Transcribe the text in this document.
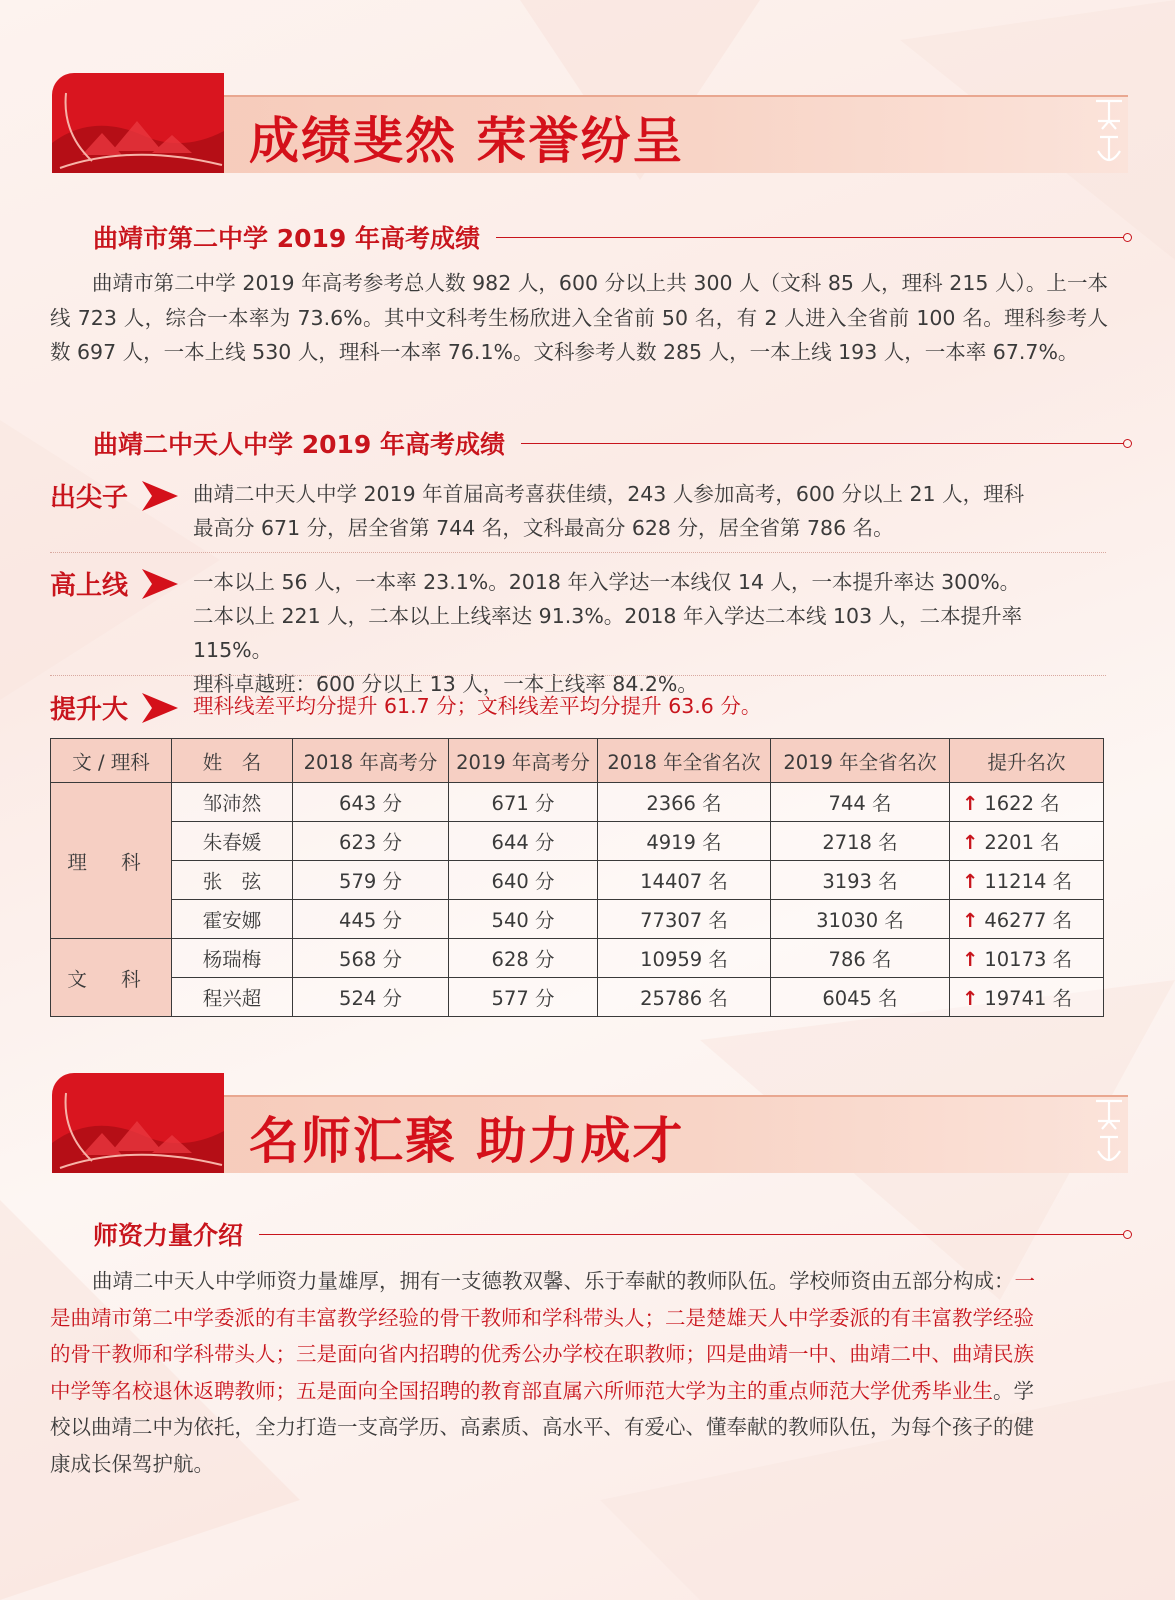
成绩斐然 荣誉纷呈
曲靖市第二中学 2019 年高考成绩
曲靖市第二中学 2019 年高考参考总人数 982 人，600 分以上共 300 人（文科 85 人，理科 215 人）。上一本线 723 人，综合一本率为 73.6%。其中文科考生杨欣进入全省前 50 名，有 2 人进入全省前 100 名。理科参考人数 697 人，一本上线 530 人，理科一本率 76.1%。文科参考人数 285 人，一本上线 193 人，一本率 67.7%。
曲靖二中天人中学 2019 年高考成绩
出尖子	曲靖二中天人中学 2019 年首届高考喜获佳绩，243 人参加高考，600 分以上 21 人，理科
最高分 671 分，居全省第 744 名，文科最高分 628 分，居全省第 786 名。
高上线	一本以上 56 人，一本率 23.1%。2018 年入学达一本线仅 14 人，一本提升率达 300%。
二本以上 221 人，二本以上上线率达 91.3%。2018 年入学达二本线 103 人，二本提升率 115%。
理科卓越班：600 分以上 13 人，一本上线率 84.2%。
提升大	理科线差平均分提升 61.7 分；文科线差平均分提升 63.6 分。
文 / 理科	姓　名	2018 年高考分	2019 年高考分	2018 年全省名次	2019 年全省名次	提升名次
理 科	邹沛然	643 分	671 分	2366 名	744 名	↑ 1622 名
	朱春媛	623 分	644 分	4919 名	2718 名	↑ 2201 名
	张　弦	579 分	640 分	14407 名	3193 名	↑ 11214 名
	霍安娜	445 分	540 分	77307 名	31030 名	↑ 46277 名
文 科	杨瑞梅	568 分	628 分	10959 名	786 名	↑ 10173 名
	程兴超	524 分	577 分	25786 名	6045 名	↑ 19741 名
名师汇聚 助力成才
师资力量介绍
曲靖二中天人中学师资力量雄厚，拥有一支德教双馨、乐于奉献的教师队伍。学校师资由五部分构成：一
是曲靖市第二中学委派的有丰富教学经验的骨干教师和学科带头人；二是楚雄天人中学委派的有丰富教学经验
的骨干教师和学科带头人；三是面向省内招聘的优秀公办学校在职教师；四是曲靖一中、曲靖二中、曲靖民族
中学等名校退休返聘教师；五是面向全国招聘的教育部直属六所师范大学为主的重点师范大学优秀毕业生。学
校以曲靖二中为依托，全力打造一支高学历、高素质、高水平、有爱心、懂奉献的教师队伍，为每个孩子的健
康成长保驾护航。
